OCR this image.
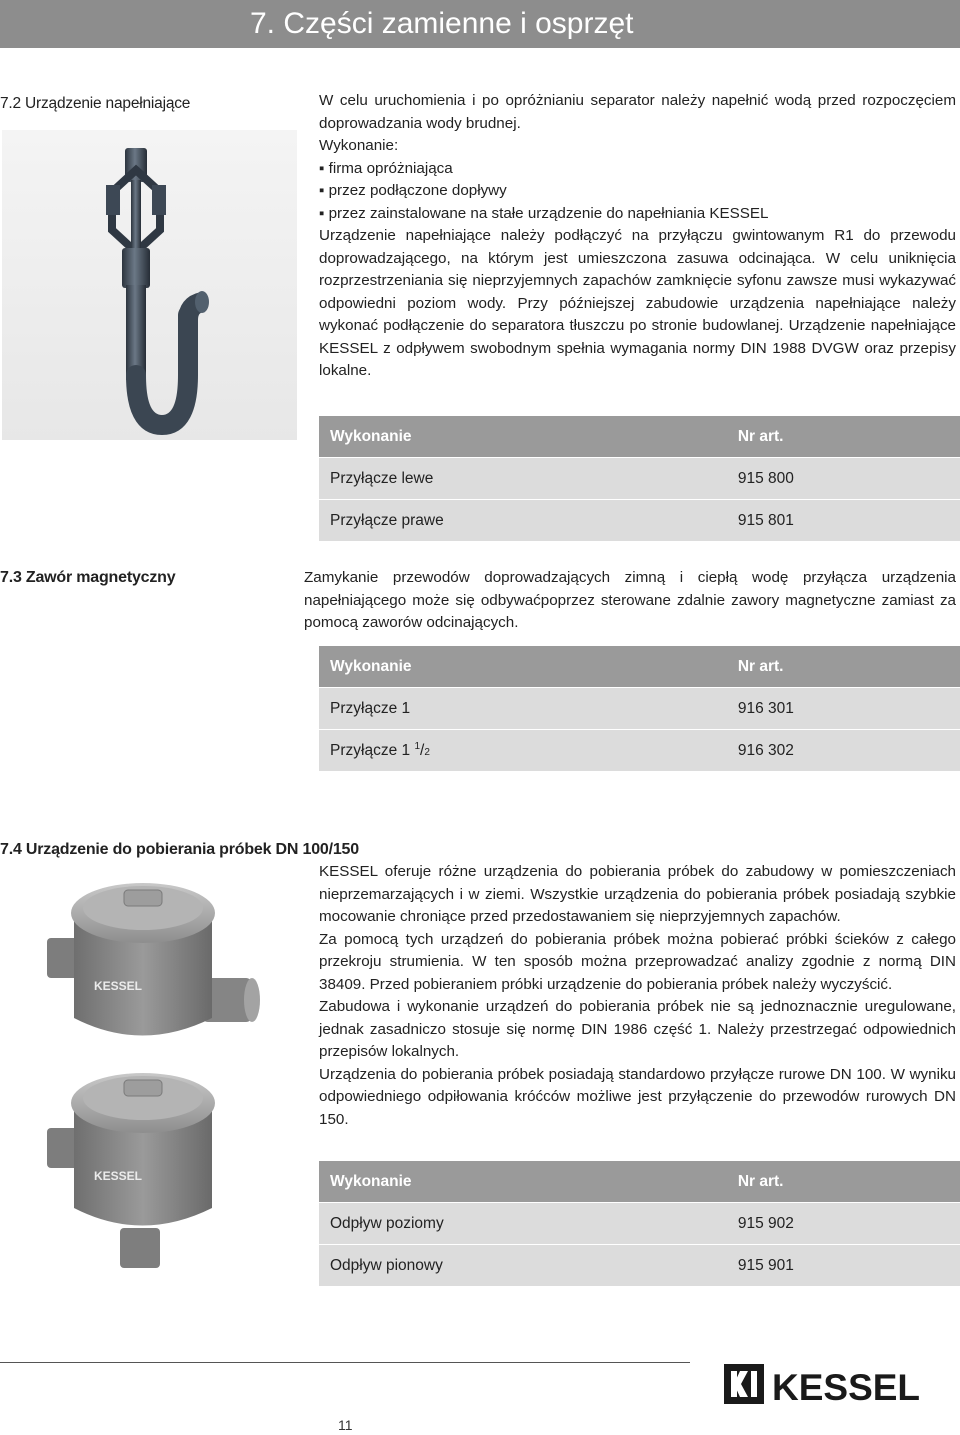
7. Części zamienne i osprzęt
7.2 Urządzenie napełniające	W celu uruchomienia i po opróżnianiu separator należy napełnić wodą przed rozpoczęciem doprowadzania wody brudnej.

Wykonanie:

▪ firma opróżniająca
▪ przez podłączone dopływy
▪ przez zainstalowane na stałe urządzenie do napełniania KESSEL

Urządzenie napełniające należy podłączyć na przyłączu gwintowanym R1 do przewodu doprowadzającego, na którym jest umieszczona zasuwa odcinająca. W celu uniknięcia rozprzestrzeniania się nieprzyjemnych zapachów zamknięcie syfonu zawsze musi wykazywać odpowiedni poziom wody. Przy późniejszej zabudowie urządzenia napełniające należy wykonać podłączenie do separatora tłuszczu po stronie budowlanej. Urządzenie napełniające KESSEL z odpływem swobodnym spełnia wymagania normy DIN 1988 DVGW oraz przepisy lokalne.

Wykonanie	Nr art.
Przyłącze lewe	915 800
Przyłącze prawe	915 801
7.3 Zawór magnetyczny	Zamykanie przewodów doprowadzających zimną i ciepłą wodę przyłącza urządzenia napełniającego może się odbywaćpoprzez sterowane zdalnie zawory magnetyczne zamiast za pomocą zaworów odcinających.

Wykonanie	Nr art.
Przyłącze 1	916 301
Przyłącze 1 $^1$/2	916 302
7.4 Urządzenie do pobierania próbek DN 100/150
KESSEL
KESSEL

KESSEL oferuje różne urządzenia do pobierania próbek do zabudowy w pomieszczeniach nieprzemarzających i w ziemi. Wszystkie urządzenia do pobierania próbek posiadają szybkie mocowanie chroniące przed przedostawaniem się nieprzyjemnych zapachów.

Za pomocą tych urządzeń do pobierania próbek można pobierać próbki ścieków z całego przekroju strumienia. W ten sposób można przeprowadzać analizy zgodnie z normą DIN 38409. Przed pobieraniem próbki urządzenie do pobierania próbek należy wyczyścić.

Zabudowa i wykonanie urządzeń do pobierania próbek nie są jednoznacznie uregulowane, jednak zasadniczo stosuje się normę DIN 1986 część 1. Należy przestrzegać odpowiednich przepisów lokalnych.

Urządzenia do pobierania próbek posiadają standardowo przyłącze rurowe DN 100. W wyniku odpowiedniego odpiłowania króćców możliwe jest przyłączenie do przewodów rurowych DN 150.

Wykonanie	Nr art.
Odpływ poziomy	915 902
Odpływ pionowy	915 901
11
KESSEL
